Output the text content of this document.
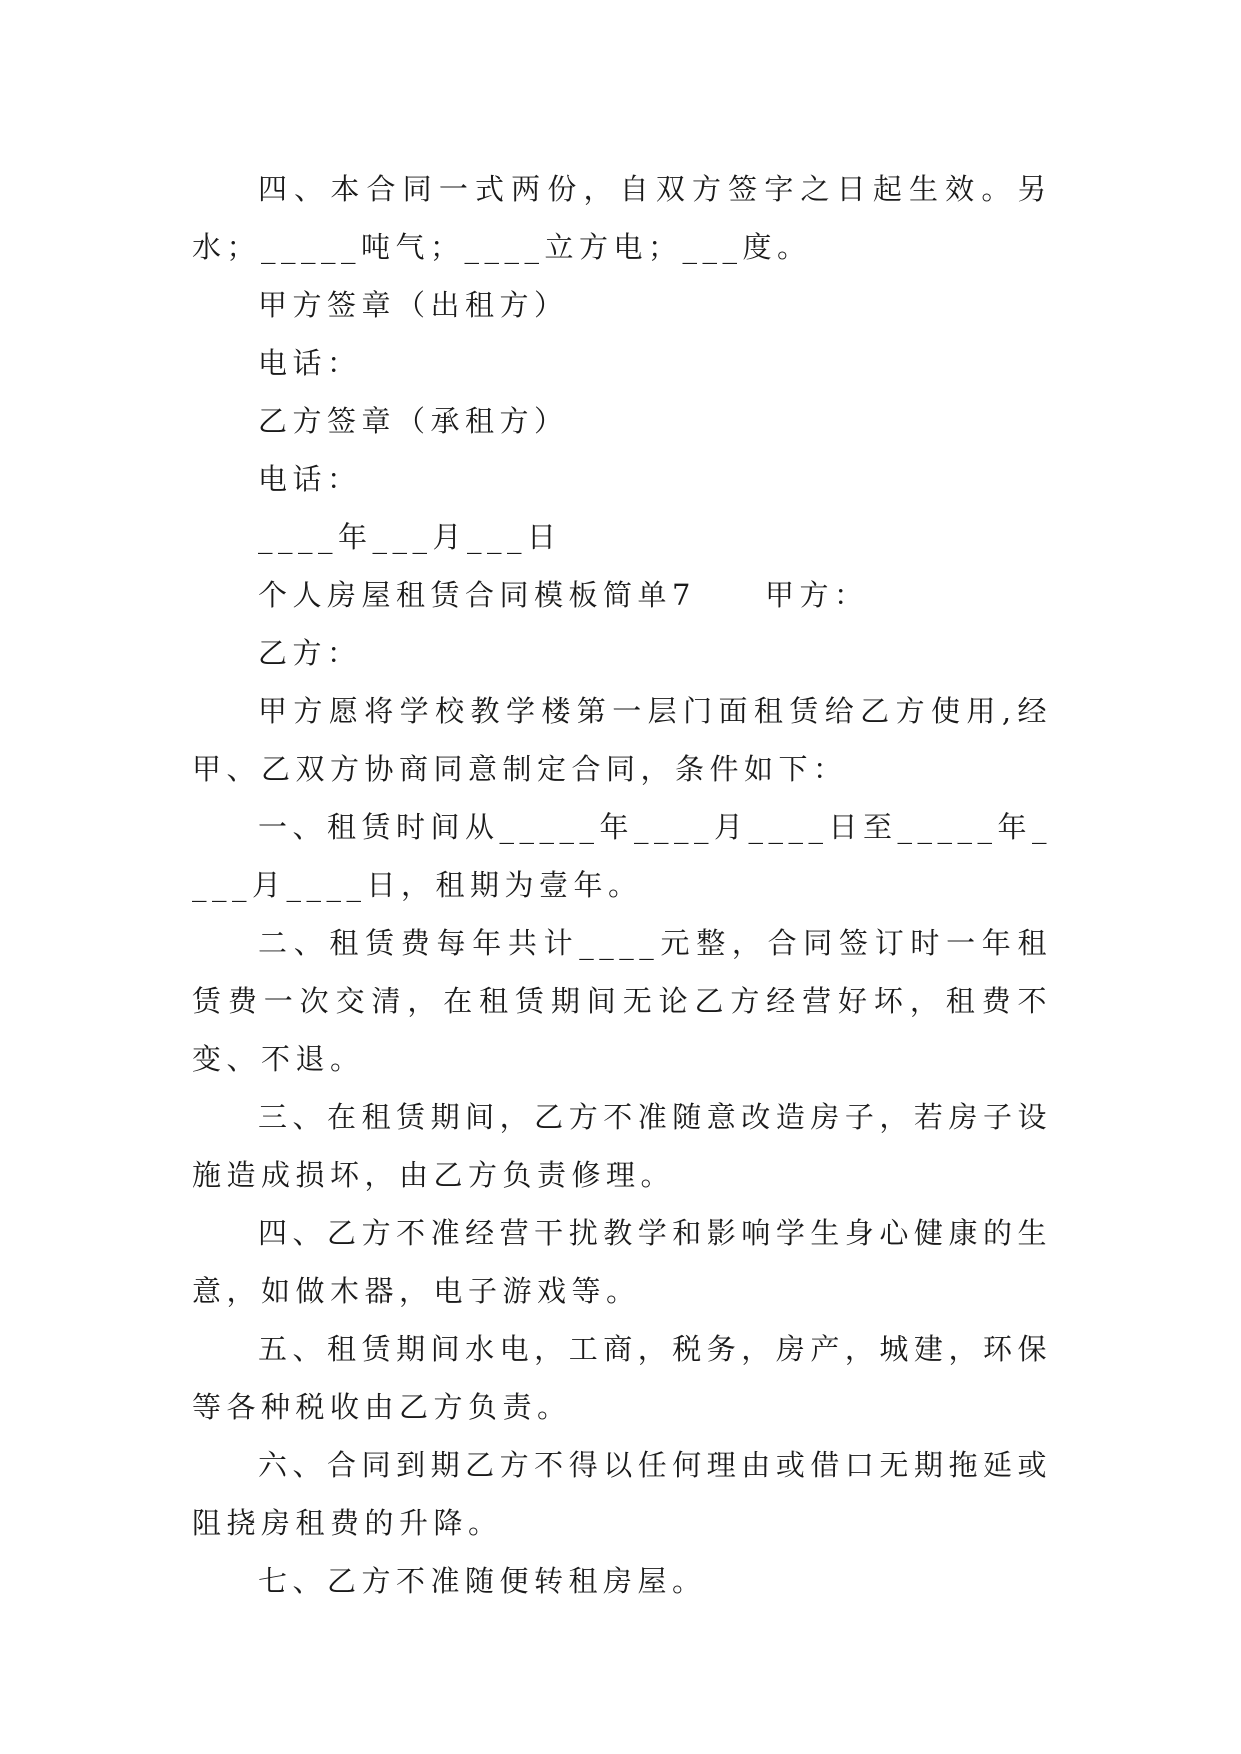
四、本合同一式两份，自双方签字之日起生效。另水；_____吨气；____立方电；___度。

甲方签章（出租方）

电话：

乙方签章（承租方）

电话：

____年___月___日

个人房屋租赁合同模板简单7　　甲方：

乙方：

甲方愿将学校教学楼第一层门面租赁给乙方使用,经甲、乙双方协商同意制定合同，条件如下：

一、租赁时间从_____年____月____日至_____年____月____日，租期为壹年。

二、租赁费每年共计____元整，合同签订时一年租赁费一次交清，在租赁期间无论乙方经营好坏，租费不变、不退。

三、在租赁期间，乙方不准随意改造房子，若房子设施造成损坏，由乙方负责修理。

四、乙方不准经营干扰教学和影响学生身心健康的生意，如做木器，电子游戏等。

五、租赁期间水电，工商，税务，房产，城建，环保等各种税收由乙方负责。

六、合同到期乙方不得以任何理由或借口无期拖延或阻挠房租费的升降。

七、乙方不准随便转租房屋。
